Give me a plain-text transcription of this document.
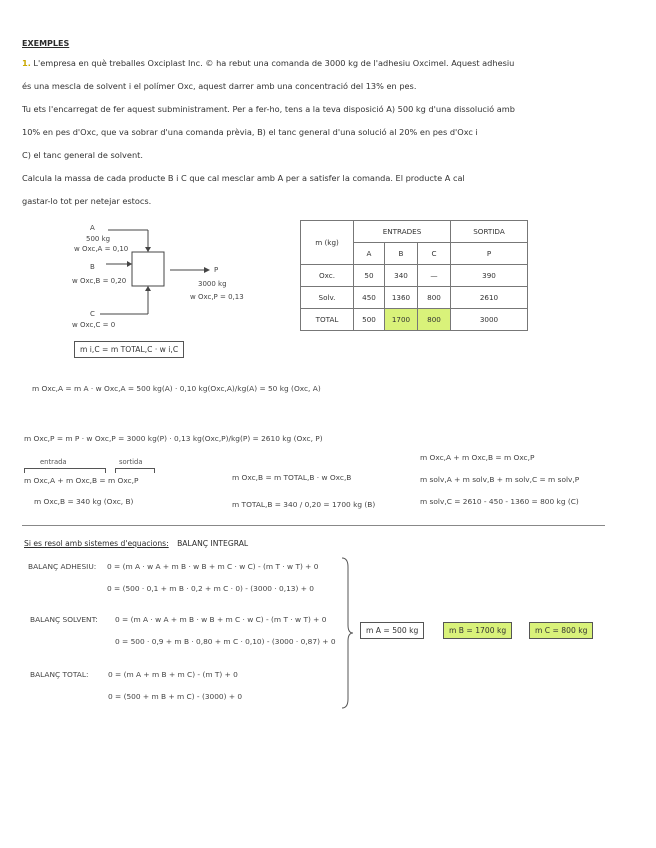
EXEMPLES
1. L'empresa en què treballes Oxciplast Inc. © ha rebut una comanda de 3000 kg de l'adhesiu Oxcimel. Aquest adhesiu
és una mescla de solvent i el polímer Oxc, aquest darrer amb una concentració del 13% en pes.
Tu ets l'encarregat de fer aquest subministrament. Per a fer-ho, tens a la teva disposició A) 500 kg d'una dissolució amb
10% en pes d'Oxc, que va sobrar d'una comanda prèvia, B) el tanc general d'una solució al 20% en pes d'Oxc i
C) el tanc general de solvent.
Calcula la massa de cada producte B i C que cal mesclar amb A per a satisfer la comanda. El producte A cal
gastar-lo tot per netejar estocs.
A
500 kg
w Oxc,A = 0,10
B
w Oxc,B = 0,20
C
w Oxc,C = 0
P
3000 kg
w Oxc,P = 0,13
m i,C = m TOTAL,C · w i,C
m (kg)	ENTRADES			SORTIDA
	A	B	C	P
Oxc.	50	340	—	390
Solv.	450	1360	800	2610
TOTAL	500	1700	800	3000
m Oxc,A = m A · w Oxc,A = 500 kg(A) · 0,10 kg(Oxc,A)/kg(A) = 50 kg (Oxc, A)
m Oxc,P = m P · w Oxc,P = 3000 kg(P) · 0,13 kg(Oxc,P)/kg(P) = 2610 kg (Oxc, P)
entrada	sortida
m Oxc,A + m Oxc,B = m Oxc,P
m Oxc,B = 340 kg (Oxc, B)
m Oxc,B = m TOTAL,B · w Oxc,B
m TOTAL,B = 340 / 0,20 = 1700 kg (B)
m Oxc,A + m Oxc,B = m Oxc,P
m solv,A + m solv,B + m solv,C = m solv,P
m solv,C = 2610 - 450 - 1360 = 800 kg (C)
Si es resol amb sistemes d'equacions: BALANÇ INTEGRAL
BALANÇ ADHESIU: 0 = (m A · w A + m B · w B + m C · w C) - (m T · w T) + 0
0 = (500 · 0,1 + m B · 0,2 + m C · 0) - (3000 · 0,13) + 0
BALANÇ SOLVENT: 0 = (m A · w A + m B · w B + m C · w C) - (m T · w T) + 0
0 = 500 · 0,9 + m B · 0,80 + m C · 0,10) - (3000 · 0,87) + 0
BALANÇ TOTAL:	0 = (m A + m B + m C) - (m T) + 0
0 = (500 + m B + m C) - (3000) + 0
m A = 500 kg	m B = 1700 kg	m C = 800 kg
